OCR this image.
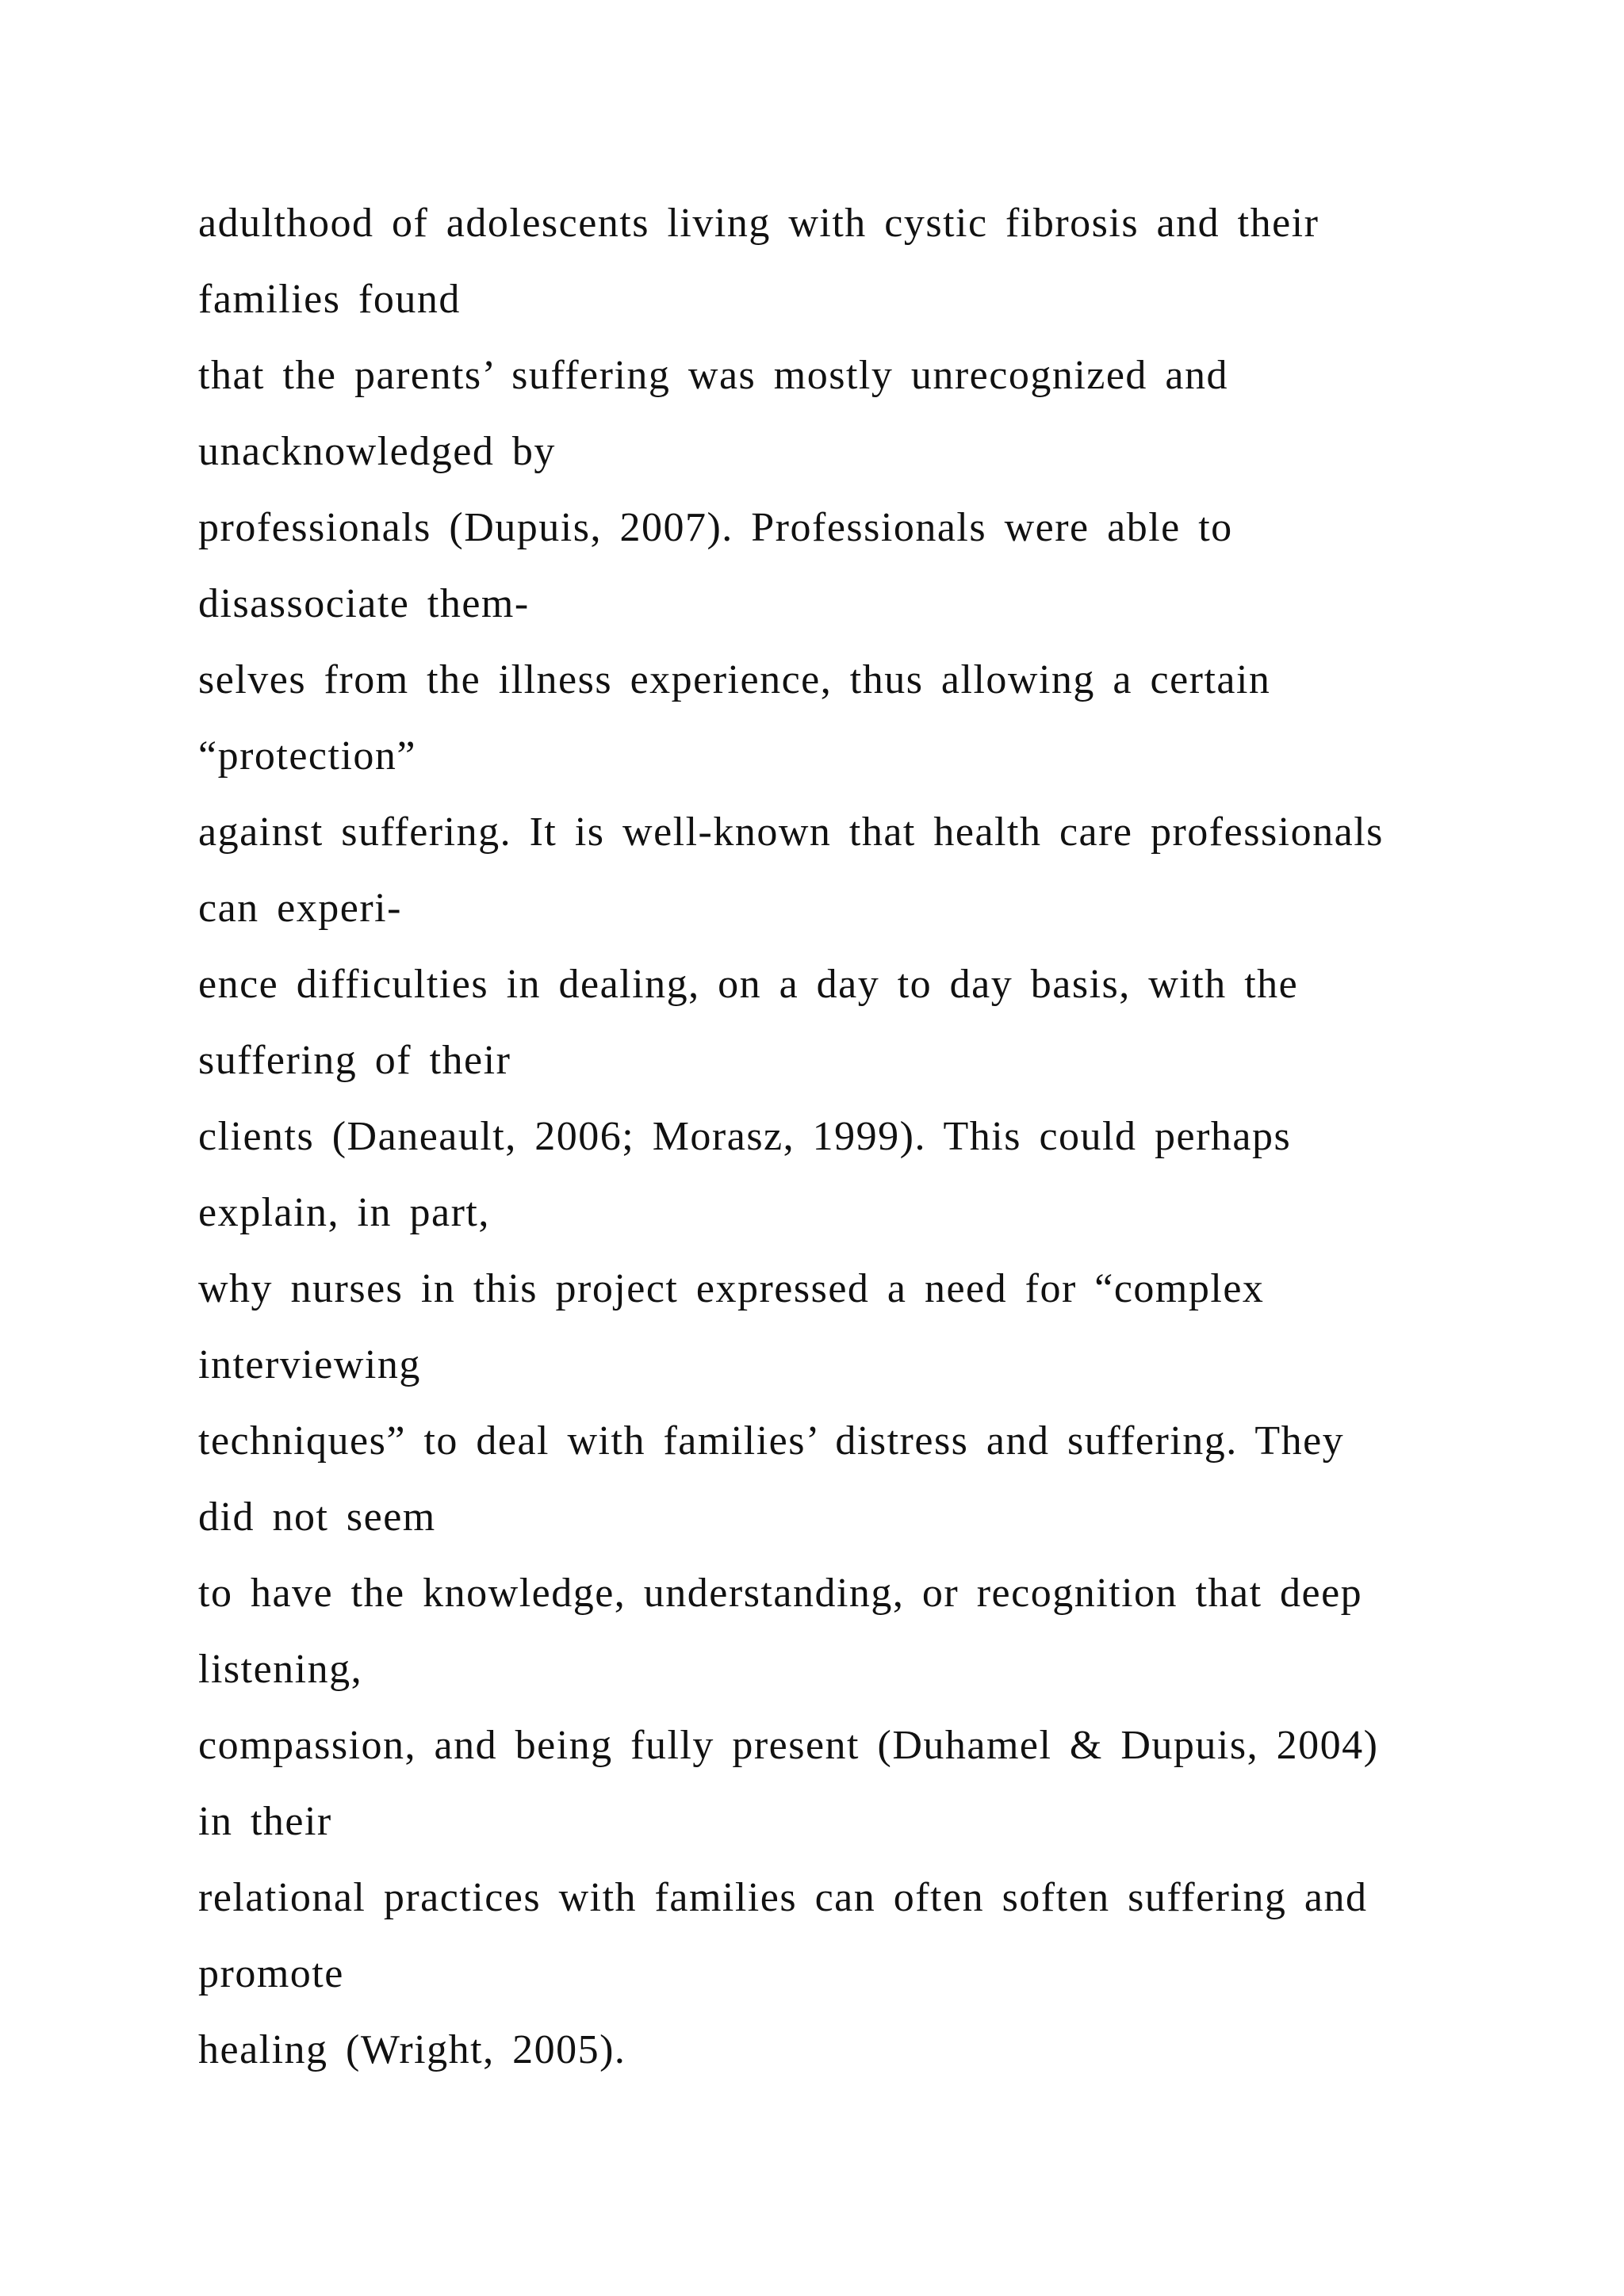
adulthood of adolescents living with cystic fibrosis and their
families found
that the parents’ suffering was mostly unrecognized and
unacknowledged by
professionals (Dupuis, 2007). Professionals were able to
disassociate them-
selves from the illness experience, thus allowing a certain
“protection”
against suffering. It is well-known that health care professionals
can experi-
ence difficulties in dealing, on a day to day basis, with the
suffering of their
clients (Daneault, 2006; Morasz, 1999). This could perhaps
explain, in part,
why nurses in this project expressed a need for “complex
interviewing
techniques” to deal with families’ distress and suffering. They
did not seem
to have the knowledge, understanding, or recognition that deep
listening,
compassion, and being fully present (Duhamel & Dupuis, 2004)
in their
relational practices with families can often soften suffering and
promote
healing (Wright, 2005).
